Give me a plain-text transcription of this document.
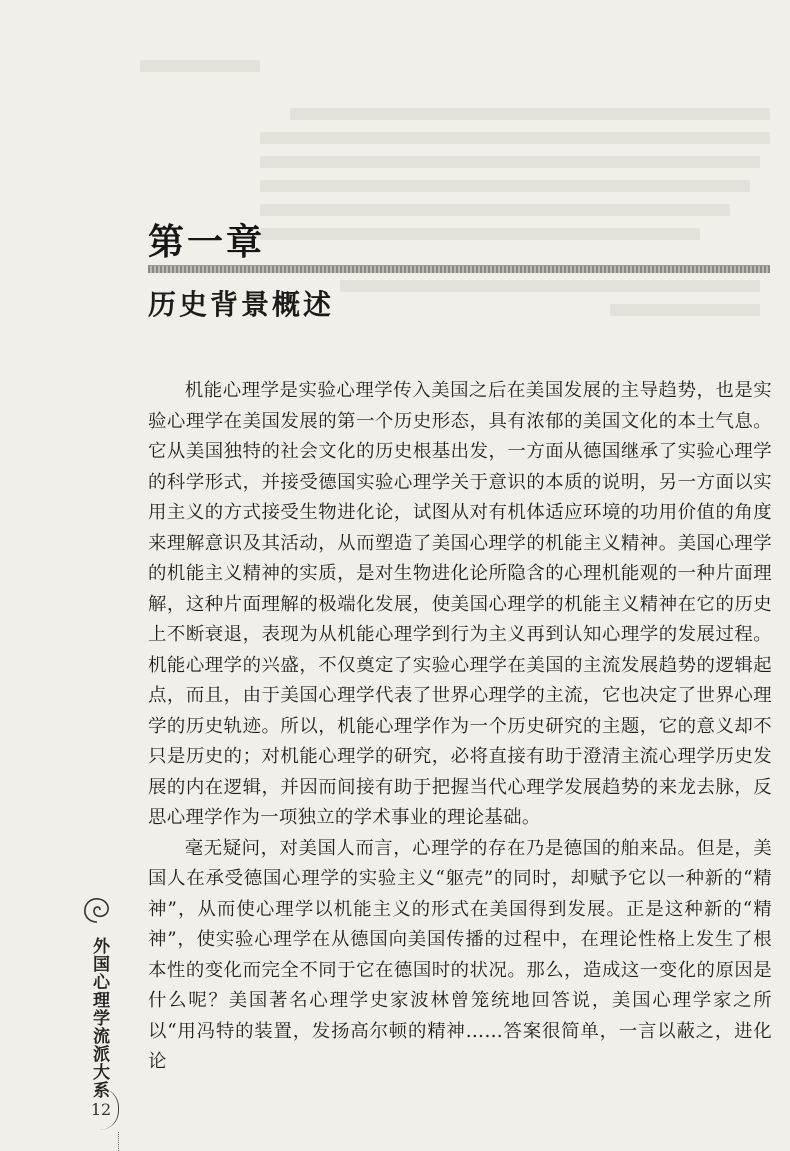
第一章
历史背景概述

机能心理学是实验心理学传入美国之后在美国发展的主导趋势，也是实验心理学在美国发展的第一个历史形态，具有浓郁的美国文化的本土气息。它从美国独特的社会文化的历史根基出发，一方面从德国继承了实验心理学的科学形式，并接受德国实验心理学关于意识的本质的说明，另一方面以实用主义的方式接受生物进化论，试图从对有机体适应环境的功用价值的角度来理解意识及其活动，从而塑造了美国心理学的机能主义精神。美国心理学的机能主义精神的实质，是对生物进化论所隐含的心理机能观的一种片面理解，这种片面理解的极端化发展，使美国心理学的机能主义精神在它的历史上不断衰退，表现为从机能心理学到行为主义再到认知心理学的发展过程。机能心理学的兴盛，不仅奠定了实验心理学在美国的主流发展趋势的逻辑起点，而且，由于美国心理学代表了世界心理学的主流，它也决定了世界心理学的历史轨迹。所以，机能心理学作为一个历史研究的主题，它的意义却不只是历史的；对机能心理学的研究，必将直接有助于澄清主流心理学历史发展的内在逻辑，并因而间接有助于把握当代心理学发展趋势的来龙去脉，反思心理学作为一项独立的学术事业的理论基础。

毫无疑问，对美国人而言，心理学的存在乃是德国的舶来品。但是，美国人在承受德国心理学的实验主义“躯壳”的同时，却赋予它以一种新的“精神”，从而使心理学以机能主义的形式在美国得到发展。正是这种新的“精神”，使实验心理学在从德国向美国传播的过程中，在理论性格上发生了根本性的变化而完全不同于它在德国时的状况。那么，造成这一变化的原因是什么呢？美国著名心理学史家波林曾笼统地回答说，美国心理学家之所以“用冯特的装置，发扬高尔顿的精神……答案很简单，一言以蔽之，进化论

外国心理学流派大系
12
